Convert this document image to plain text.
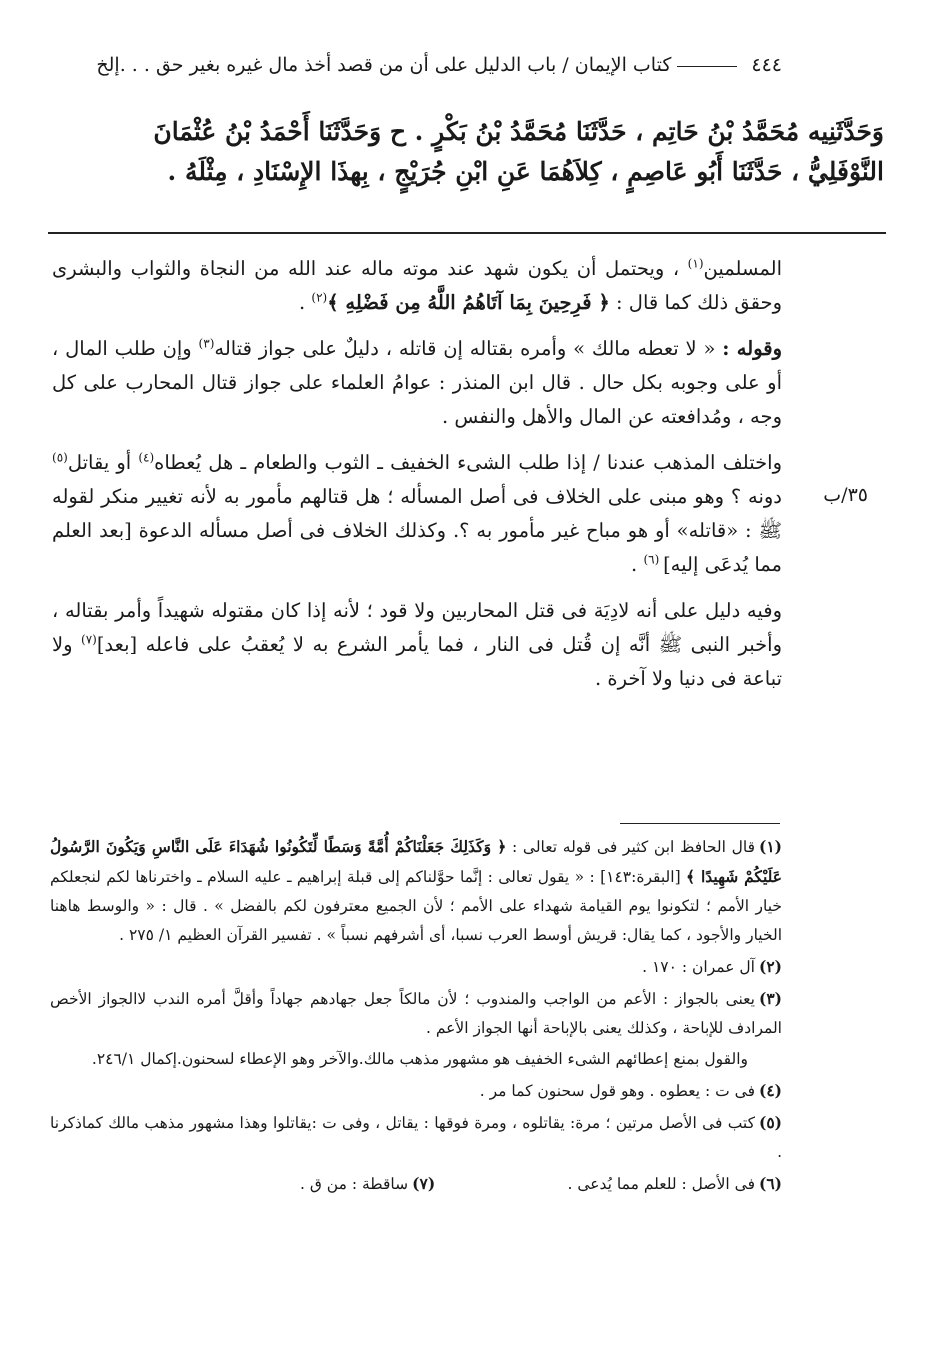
٤٤٤كتاب الإيمان / باب الدليل على أن من قصد أخذ مال غيره بغير حق . . .إلخ

وَحَدَّثَنِيه مُحَمَّدُ بْنُ حَاتِم ، حَدَّثَنَا مُحَمَّدُ بْنُ بَكْرٍ . ح وَحَدَّثَنَا أَحْمَدُ بْنُ عُثْمَانَ

النَّوْفَلِيُّ ، حَدَّثَنَا أَبُو عَاصِمٍ ، كِلاَهُمَا عَنِ ابْنِ جُرَيْجٍ ، بِهذَا الإِسْنَادِ ، مِثْلَهُ .

٣٥/ب

المسلمين$^{(١)}$ ، ويحتمل أن يكون شهد عند موته ماله عند الله من النجاة والثواب والبشرى وحقق ذلك كما قال : ﴿ فَرِحِينَ بِمَا آتَاهُمُ اللَّهُ مِن فَضْلِهِ ﴾$^{(٢)}$ .

وقوله : « لا تعطه مالك » وأمره بقتاله إن قاتله ، دليلٌ على جواز قتاله$^{(٣)}$ وإن طلب المال ، أو على وجوبه بكل حال . قال ابن المنذر : عوامُ العلماء على جواز قتال المحارب على كل وجه ، ومُدافعته عن المال والأهل والنفس .

واختلف المذهب عندنا / إذا طلب الشىء الخفيف ـ الثوب والطعام ـ هل يُعطاه$^{(٤)}$ أو يقاتل$^{(٥)}$ دونه ؟ وهو مبنى على الخلاف فى أصل المسأله ؛ هل قتالهم مأمور به لأنه تغيير منكر لقوله ﷺ : «قاتله» أو هو مباح غير مأمور به ؟. وكذلك الخلاف فى أصل مسأله الدعوة [بعد العلم مما يُدعَى إليه] $^{(٦)}$ .

وفيه دليل على أنه لادِيَة فى قتل المحاربين ولا قود ؛ لأنه إذا كان مقتوله شهيداً وأمر بقتاله ، وأخبر النبى ﷺ أنَّه إن قُتل فى النار ، فما يأمر الشرع به لا يُعقبُ على فاعله [بعد]$^{(٧)}$ ولا تباعة فى دنيا ولا آخرة .

(١)قال الحافظ ابن كثير فى قوله تعالى : ﴿ وَكَذَلِكَ جَعَلْنَاكُمْ أُمَّةً وَسَطًا لِّتَكُونُوا شُهَدَاءَ عَلَى النَّاسِ وَيَكُونَ الرَّسُولُ عَلَيْكُمْ شَهِيدًا ﴾ [البقرة:١٤٣] : « يقول تعالى : إنَّما حوَّلناكم إلى قبلة إبراهيم ـ عليه السلام ـ واخترناها لكم لنجعلكم خيار الأمم ؛ لتكونوا يوم القيامة شهداء على الأمم ؛ لأن الجميع معترفون لكم بالفضل » . قال : « والوسط هاهنا الخيار والأجود ، كما يقال: قريش أوسط العرب نسبا، أى أشرفهم نسباً » . تفسير القرآن العظيم ١/ ٢٧٥ .

(٢)آل عمران : ١٧٠ .

(٣)يعنى بالجواز : الأعم من الواجب والمندوب ؛ لأن مالكاً جعل جهادهم جهاداً وأقلَّ أمره الندب لاالجواز الأخص المرادف للإباحة ، وكذلك يعنى بالإباحة أنها الجواز الأعم .

والقول بمنع إعطائهم الشىء الخفيف هو مشهور مذهب مالك.والآخر وهو الإعطاء لسحنون.إكمال ٢٤٦/١.

(٤)فى ت : يعطوه . وهو قول سحنون كما مر .

(٥)كتب فى الأصل مرتين ؛ مرة: يقاتلوه ، ومرة فوقها : يقاتل ، وفى ت :يقاتلوا وهذا مشهور مذهب مالك كماذكرنا .

(٦)فى الأصل : للعلم مما يُدعى .

(٧)ساقطة : من ق .
